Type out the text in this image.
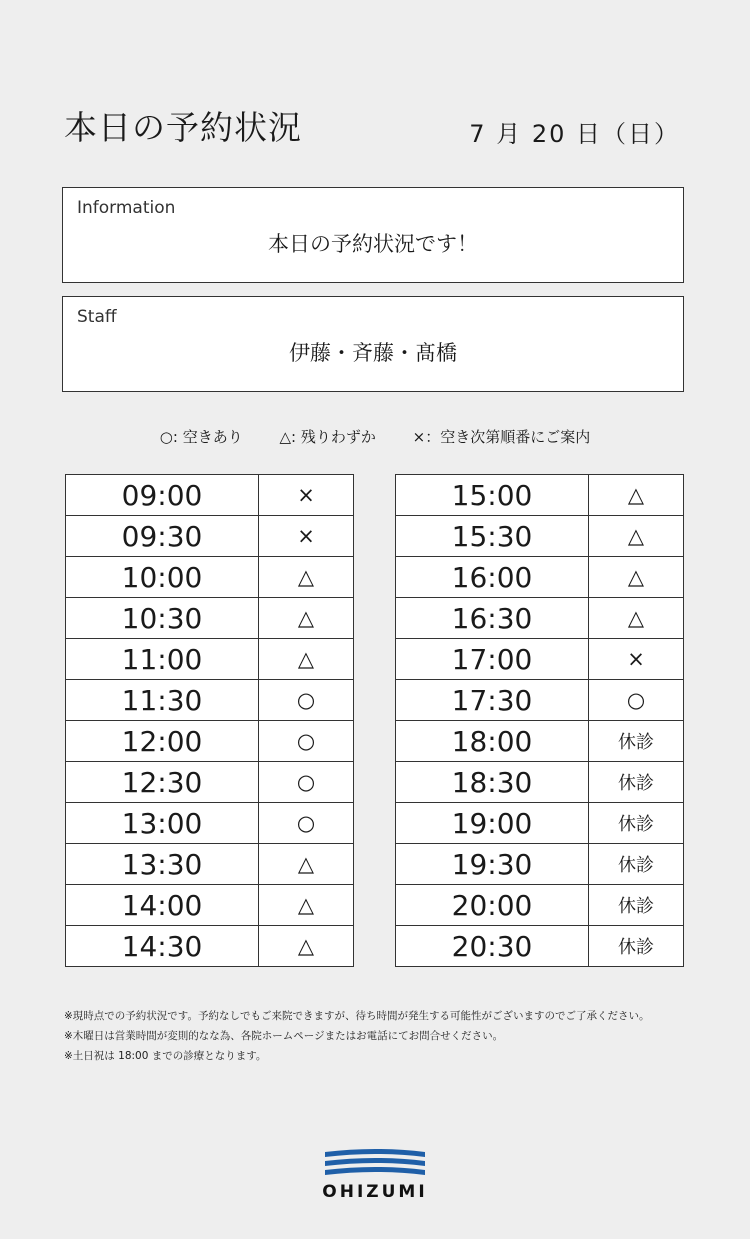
本日の予約状況	7 月 20 日（日）
Information
本日の予約状況です！
Staff
伊藤・斉藤・髙橋
○: 空きあり △: 残りわずか ×：空き次第順番にご案内
09:00	×
09:30	×
10:00	△
10:30	△
11:00	△
11:30	○
12:00	○
12:30	○
13:00	○
13:30	△
14:00	△
14:30	△
15:00	△
15:30	△
16:00	△
16:30	△
17:00	×
17:30	○
18:00	休診
18:30	休診
19:00	休診
19:30	休診
20:00	休診
20:30	休診
※現時点での予約状況です。予約なしでもご来院できますが、待ち時間が発生する可能性がございますのでご了承ください。
※木曜日は営業時間が変則的なな為、各院ホームページまたはお電話にてお問合せください。
※土日祝は 18:00 までの診療となります。
OHIZUMI
